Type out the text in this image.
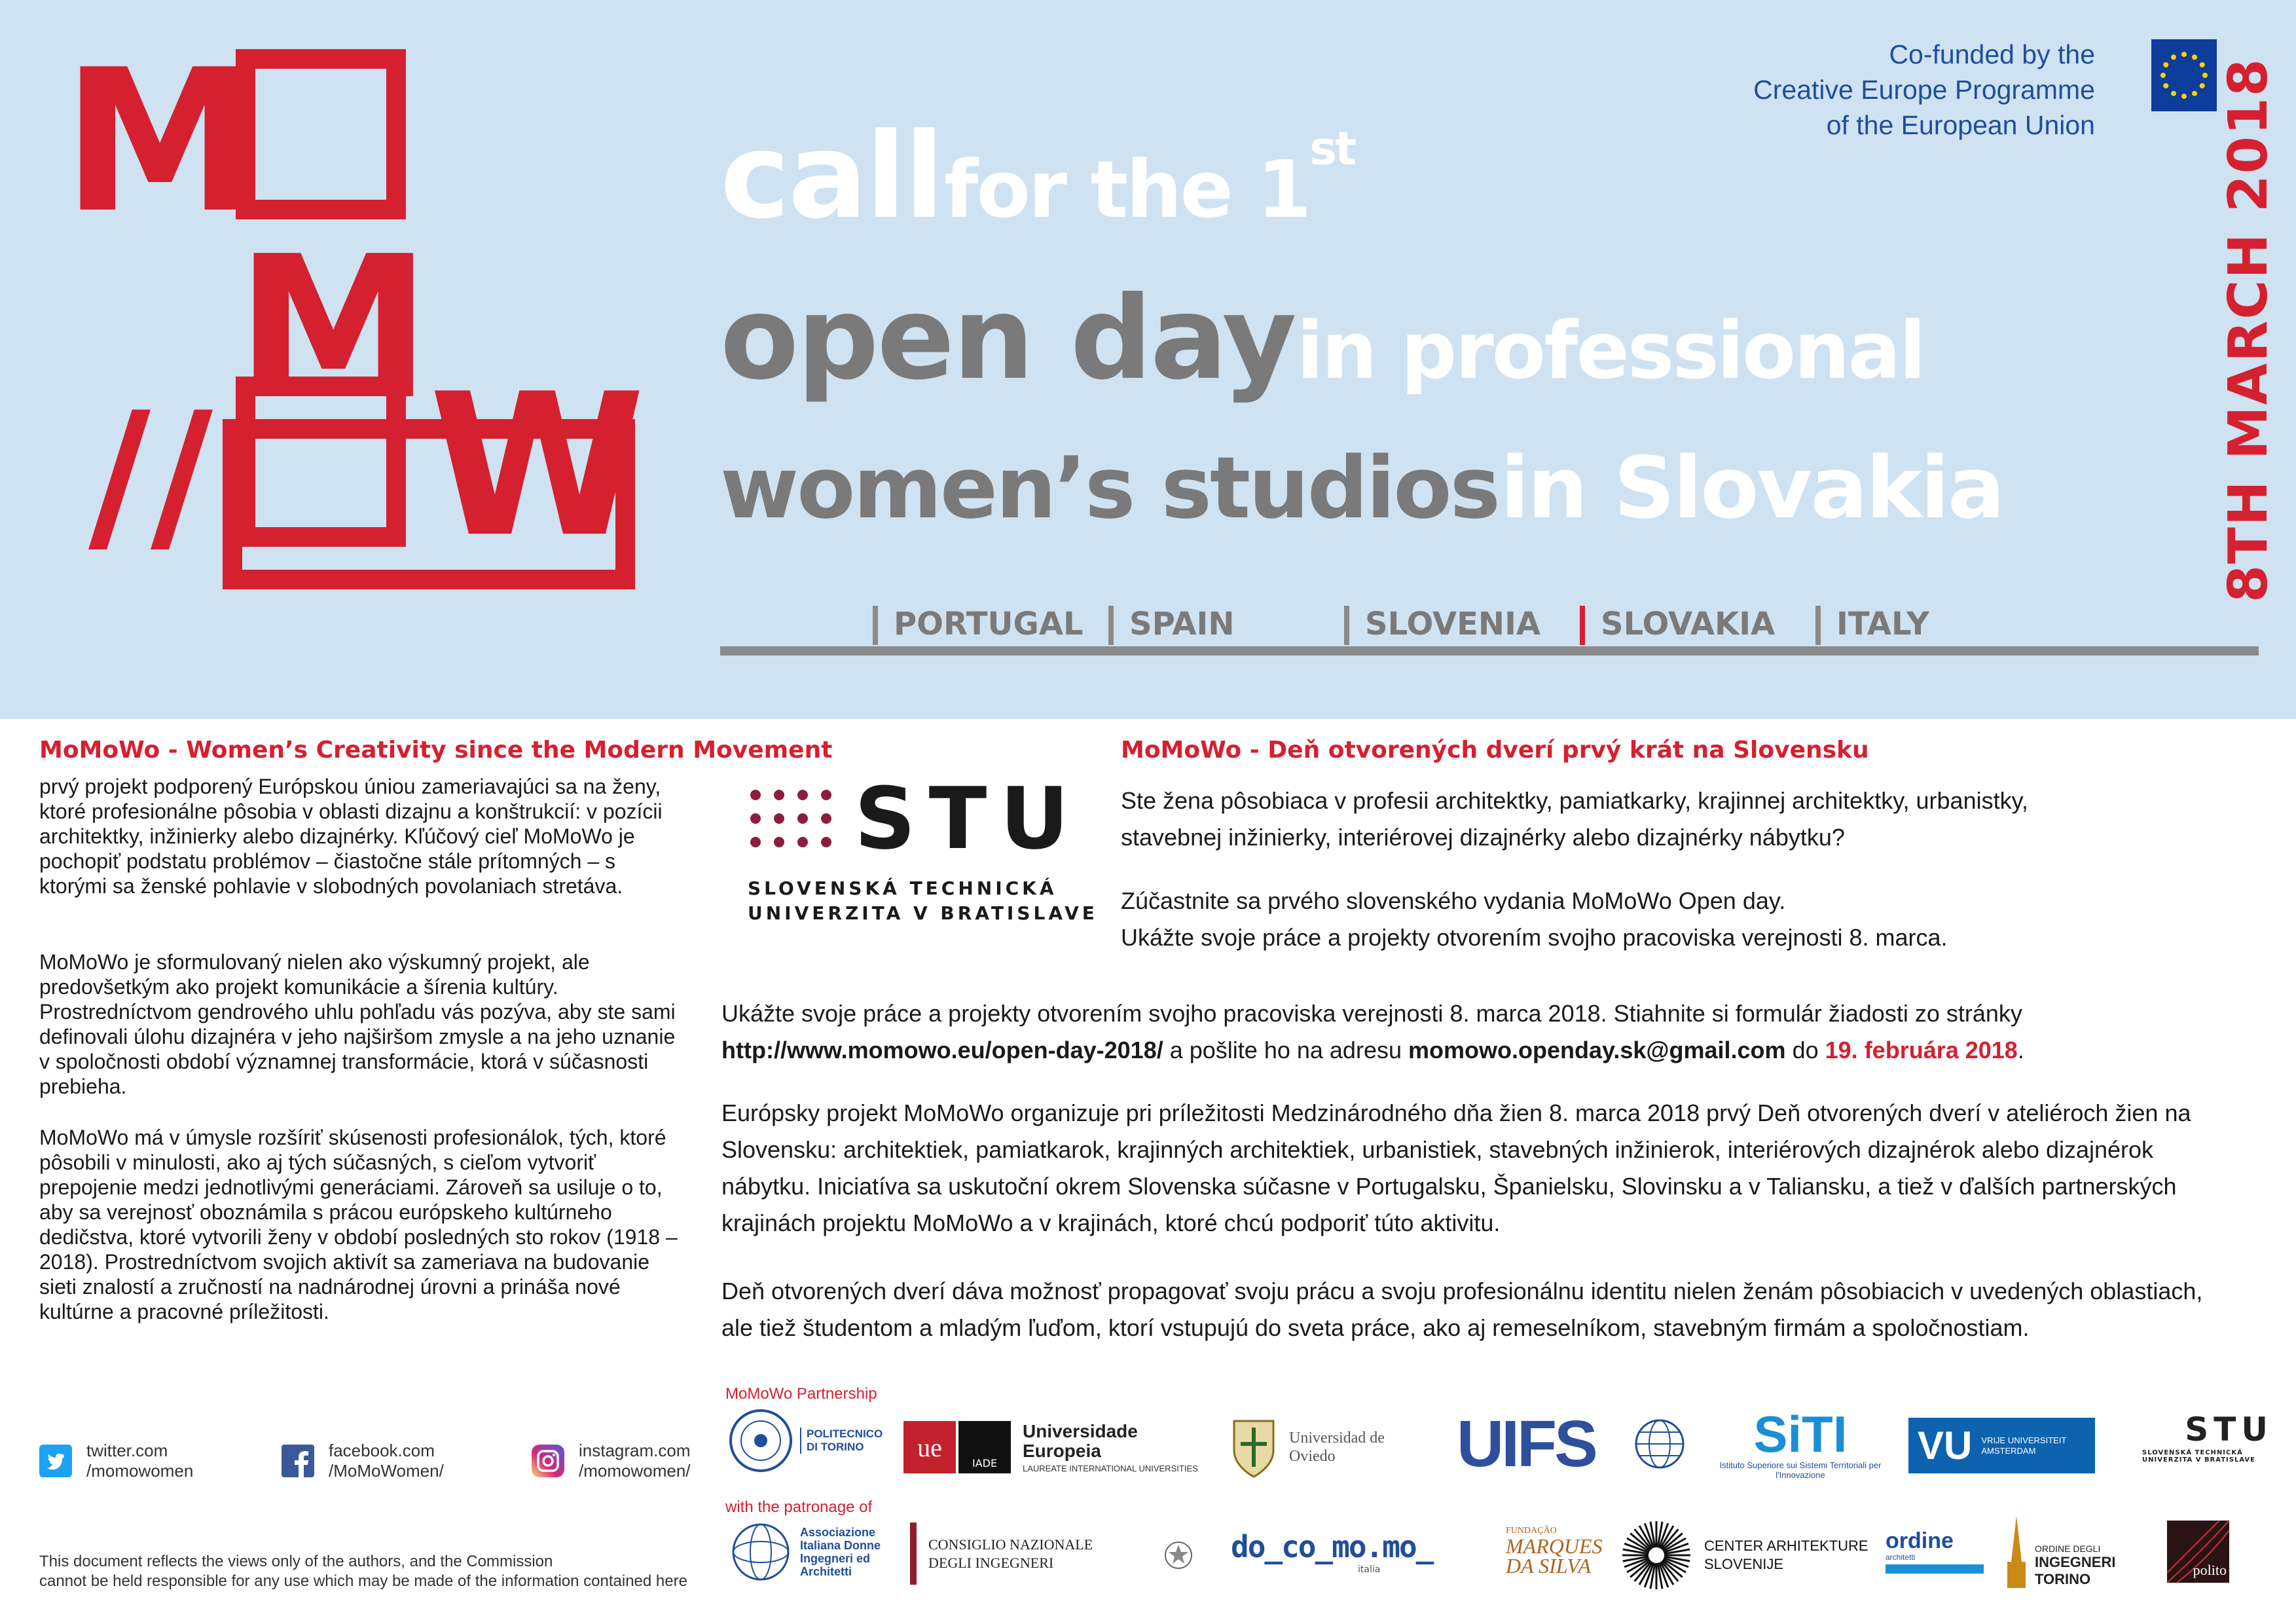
M
M
W
//
call for the 1st
open day in professional
women’s studios in Slovakia
Co-funded by the
Creative Europe Programme
of the European Union 8TH MARCH 2018
PORTUGAL	SPAIN	SLOVENIA	SLOVAKIA	ITALY
MoMoWo - Women’s Creativity since the Modern Movement
prvý projekt podporený Európskou úniou zameriavajúci sa na ženy, ktoré profesionálne pôsobia v oblasti dizajnu a konštrukcií: v pozícii architektky, inžinierky alebo dizajnérky. Kľúčový cieľ MoMoWo je pochopiť podstatu problémov – čiastočne stále prítomných – s ktorými sa ženské pohlavie v slobodných povolaniach stretáva.
MoMoWo je sformulovaný nielen ako výskumný projekt, ale predovšetkým ako projekt komunikácie a šírenia kultúry. Prostredníctvom gendrového uhlu pohľadu vás pozýva, aby ste sami definovali úlohu dizajnéra v jeho najširšom zmysle a na jeho uznanie v spoločnosti období významnej transformácie, ktorá v súčasnosti prebieha.
MoMoWo má v úmysle rozšíriť skúsenosti profesionálok, tých, ktoré pôsobili v minulosti, ako aj tých súčasných, s cieľom vytvoriť prepojenie medzi jednotlivými generáciami. Zároveň sa usiluje o to, aby sa verejnosť oboznámila s prácou európskeho kultúrneho dedičstva, ktoré vytvorili ženy v období posledných sto rokov (1918 – 2018). Prostredníctvom svojich aktivít sa zameriava na budovanie sieti znalostí a zručností na nadnárodnej úrovni a prináša nové kultúrne a pracovné príležitosti.
STU
SLOVENSKÁ TECHNICKÁ
UNIVERZITA V BRATISLAVE
MoMoWo - Deň otvorených dverí prvý krát na Slovensku
Ste žena pôsobiaca v profesii architektky, pamiatkarky, krajinnej architektky, urbanistky, stavebnej inžinierky, interiérovej dizajnérky alebo dizajnérky nábytku?
Zúčastnite sa prvého slovenského vydania MoMoWo Open day.
Ukážte svoje práce a projekty otvorením svojho pracoviska verejnosti 8. marca.
Ukážte svoje práce a projekty otvorením svojho pracoviska verejnosti 8. marca 2018. Stiahnite si formulár žiadosti zo stránky http://www.momowo.eu/open-day-2018/ a pošlite ho na adresu momowo.openday.sk@gmail.com do 19. februára 2018.
Európsky projekt MoMoWo organizuje pri príležitosti Medzinárodného dňa žien 8. marca 2018 prvý Deň otvorených dverí v ateliéroch žien na Slovensku: architektiek, pamiatkarok, krajinných architektiek, urbanistiek, stavebných inžinierok, interiérových dizajnérok alebo dizajnérok nábytku. Iniciatíva sa uskutoční okrem Slovenska súčasne v Portugalsku, Španielsku, Slovinsku a v Taliansku, a tiež v ďalších partnerských krajinách projektu MoMoWo a v krajinách, ktoré chcú podporiť túto aktivitu.
Deň otvorených dverí dáva možnosť propagovať svoju prácu a svoju profesionálnu identitu nielen ženám pôsobiacich v uvedených oblastiach, ale tiež študentom a mladým ľuďom, ktorí vstupujú do sveta práce, ako aj remeselníkom, stavebným firmám a spoločnostiam.
twitter.com
/momowomen
facebook.com
/MoMoWomen/
instagram.com
/momowomen/
This document reflects the views only of the authors, and the Commission
cannot be held responsible for any use which may be made of the information contained here
MoMoWo Partnership
POLITECNICO DI TORINO	ue
IADE
Universidade Europeia
LAUREATE INTERNATIONAL UNIVERSITIES
Universidad de
Oviedo	UIFS	SiTI
Istituto Superiore sui Sistemi Territoriali per l'Innovazione
VU VRIJE UNIVERSITEIT AMSTERDAM
STU
SLOVENSKÁ TECHNICKÁ UNIVERZITA V BRATISLAVE
with the patronage of
Associazione Italiana Donne Ingegneri ed Architetti
CONSIGLIO NAZIONALE
DEGLI INGEGNERI	do_co_mo.mo_
italia
FUNDAÇÃO
MARQUES
DA SILVA
CENTER ARHITEKTURE
SLOVENIJE
ordine
architetti
ORDINE DEGLI
INGEGNERI
TORINO
polito
